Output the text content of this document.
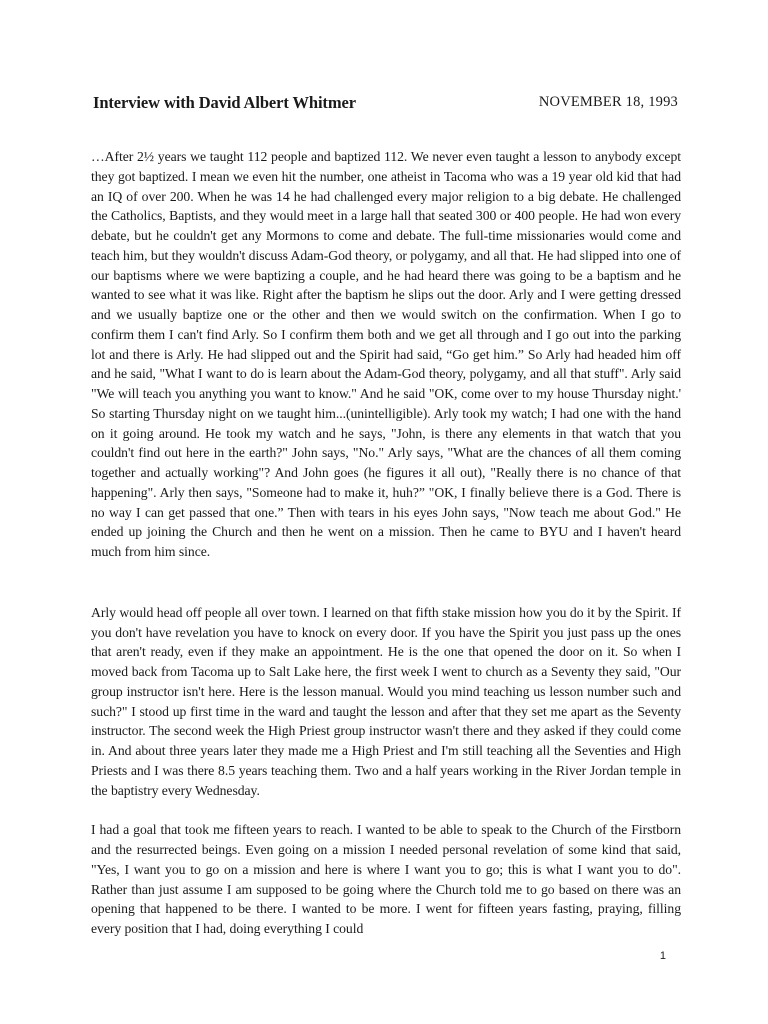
Interview with David Albert Whitmer	NOVEMBER 18, 1993

…After 2½ years we taught 112 people and baptized 112. We never even taught a lesson to anybody except they got baptized. I mean we even hit the number, one atheist in Tacoma who was a 19 year old kid that had an IQ of over 200. When he was 14 he had challenged every major religion to a big debate. He challenged the Catholics, Baptists, and they would meet in a large hall that seated 300 or 400 people. He had won every debate, but he couldn't get any Mormons to come and debate. The full-time missionaries would come and teach him, but they wouldn't discuss Adam-God theory, or polygamy, and all that. He had slipped into one of our baptisms where we were baptizing a couple, and he had heard there was going to be a baptism and he wanted to see what it was like. Right after the baptism he slips out the door. Arly and I were getting dressed and we usually baptize one or the other and then we would switch on the confirmation. When I go to confirm them I can't find Arly. So I confirm them both and we get all through and I go out into the parking lot and there is Arly. He had slipped out and the Spirit had said, “Go get him.” So Arly had headed him off and he said, "What I want to do is learn about the Adam-God theory, polygamy, and all that stuff". Arly said "We will teach you anything you want to know." And he said "OK, come over to my house Thursday night.' So starting Thursday night on we taught him...(unintelligible). Arly took my watch; I had one with the hand on it going around. He took my watch and he says, "John, is there any elements in that watch that you couldn't find out here in the earth?" John says, "No." Arly says, "What are the chances of all them coming together and actually working"? And John goes (he figures it all out), "Really there is no chance of that happening". Arly then says, "Someone had to make it, huh?” "OK, I finally believe there is a God. There is no way I can get passed that one.” Then with tears in his eyes John says, "Now teach me about God." He ended up joining the Church and then he went on a mission. Then he came to BYU and I haven't heard much from him since.

Arly would head off people all over town. I learned on that fifth stake mission how you do it by the Spirit. If you don't have revelation you have to knock on every door. If you have the Spirit you just pass up the ones that aren't ready, even if they make an appointment. He is the one that opened the door on it. So when I moved back from Tacoma up to Salt Lake here, the first week I went to church as a Seventy they said, "Our group instructor isn't here. Here is the lesson manual. Would you mind teaching us lesson number such and such?" I stood up first time in the ward and taught the lesson and after that they set me apart as the Seventy instructor. The second week the High Priest group instructor wasn't there and they asked if they could come in. And about three years later they made me a High Priest and I'm still teaching all the Seventies and High Priests and I was there 8.5 years teaching them. Two and a half years working in the River Jordan temple in the baptistry every Wednesday.

I had a goal that took me fifteen years to reach. I wanted to be able to speak to the Church of the Firstborn and the resurrected beings. Even going on a mission I needed personal revelation of some kind that said, "Yes, I want you to go on a mission and here is where I want you to go; this is what I want you to do". Rather than just assume I am supposed to be going where the Church told me to go based on there was an opening that happened to be there. I wanted to be more. I went for fifteen years fasting, praying, filling every position that I had, doing everything I could

1
